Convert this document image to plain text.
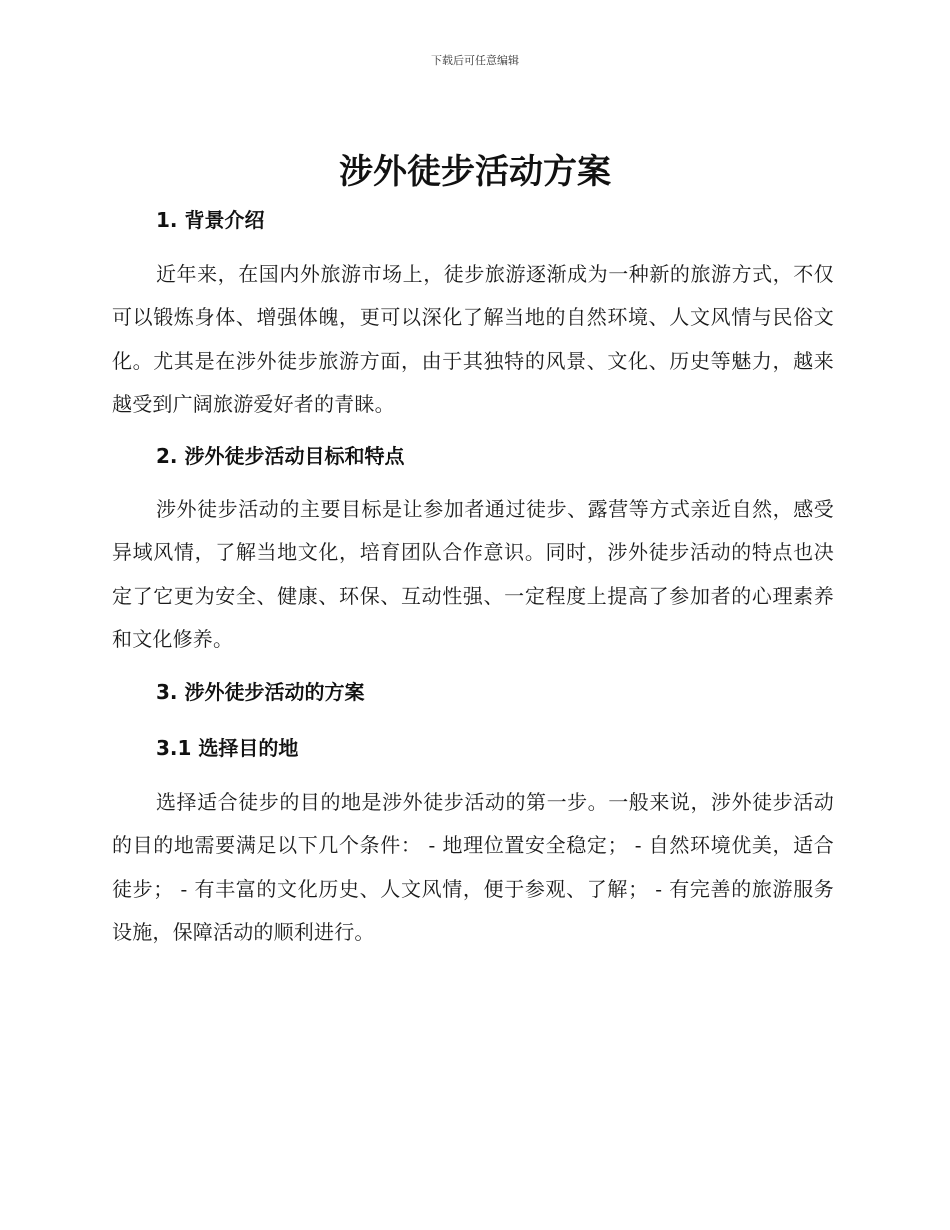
下载后可任意编辑
涉外徒步活动方案
1. 背景介绍

近年来，在国内外旅游市场上，徒步旅游逐渐成为一种新的旅游方式，不仅可以锻炼身体、增强体魄，更可以深化了解当地的自然环境、人文风情与民俗文化。尤其是在涉外徒步旅游方面，由于其独特的风景、文化、历史等魅力，越来越受到广阔旅游爱好者的青睐。

2. 涉外徒步活动目标和特点

涉外徒步活动的主要目标是让参加者通过徒步、露营等方式亲近自然，感受异域风情，了解当地文化，培育团队合作意识。同时，涉外徒步活动的特点也决定了它更为安全、健康、环保、互动性强、一定程度上提高了参加者的心理素养和文化修养。

3. 涉外徒步活动的方案
3.1 选择目的地

选择适合徒步的目的地是涉外徒步活动的第一步。一般来说，涉外徒步活动的目的地需要满足以下几个条件： - 地理位置安全稳定； - 自然环境优美，适合徒步； - 有丰富的文化历史、人文风情，便于参观、了解； - 有完善的旅游服务设施，保障活动的顺利进行。
